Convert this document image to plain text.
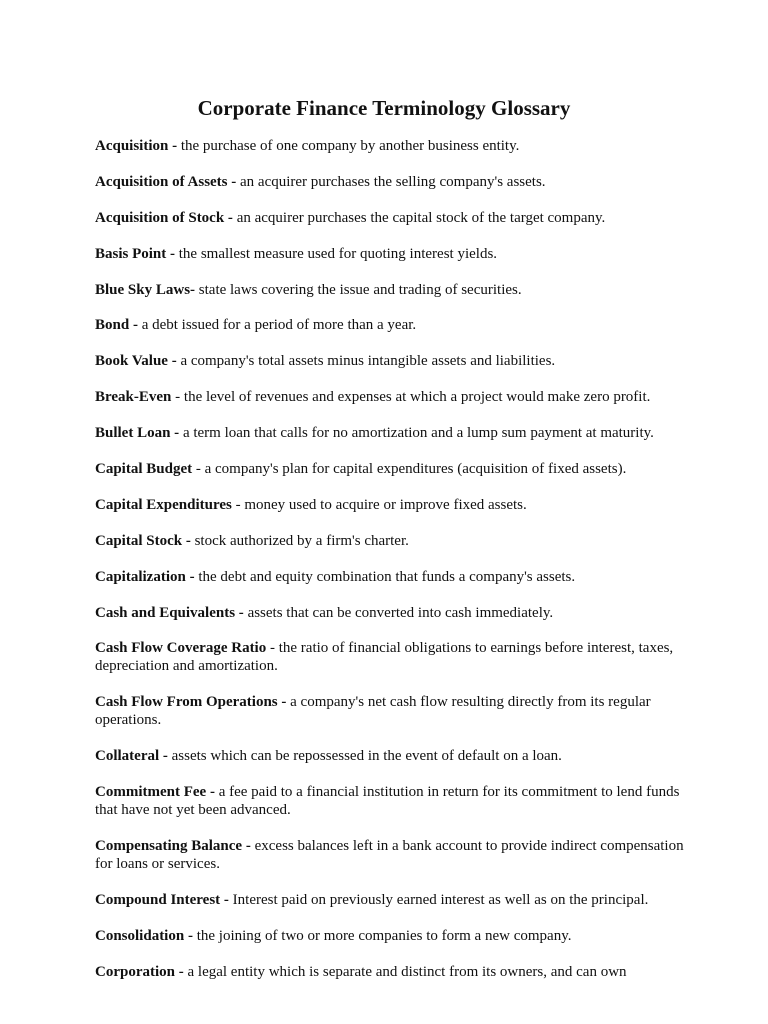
Corporate Finance Terminology Glossary

Acquisition - the purchase of one company by another business entity.

Acquisition of Assets - an acquirer purchases the selling company's assets.

Acquisition of Stock - an acquirer purchases the capital stock of the target company.

Basis Point - the smallest measure used for quoting interest yields.

Blue Sky Laws- state laws covering the issue and trading of securities.

Bond - a debt issued for a period of more than a year.

Book Value - a company's total assets minus intangible assets and liabilities.

Break-Even - the level of revenues and expenses at which a project would make zero profit.

Bullet Loan - a term loan that calls for no amortization and a lump sum payment at maturity.

Capital Budget - a company's plan for capital expenditures (acquisition of fixed assets).

Capital Expenditures - money used to acquire or improve fixed assets.

Capital Stock - stock authorized by a firm's charter.

Capitalization - the debt and equity combination that funds a company's assets.

Cash and Equivalents - assets that can be converted into cash immediately.

Cash Flow Coverage Ratio - the ratio of financial obligations to earnings before interest, taxes, depreciation and amortization.

Cash Flow From Operations - a company's net cash flow resulting directly from its regular operations.

Collateral - assets which can be repossessed in the event of default on a loan.

Commitment Fee - a fee paid to a financial institution in return for its commitment to lend funds that have not yet been advanced.

Compensating Balance - excess balances left in a bank account to provide indirect compensation for loans or services.

Compound Interest - Interest paid on previously earned interest as well as on the principal.

Consolidation - the joining of two or more companies to form a new company.

Corporation - a legal entity which is separate and distinct from its owners, and can own
